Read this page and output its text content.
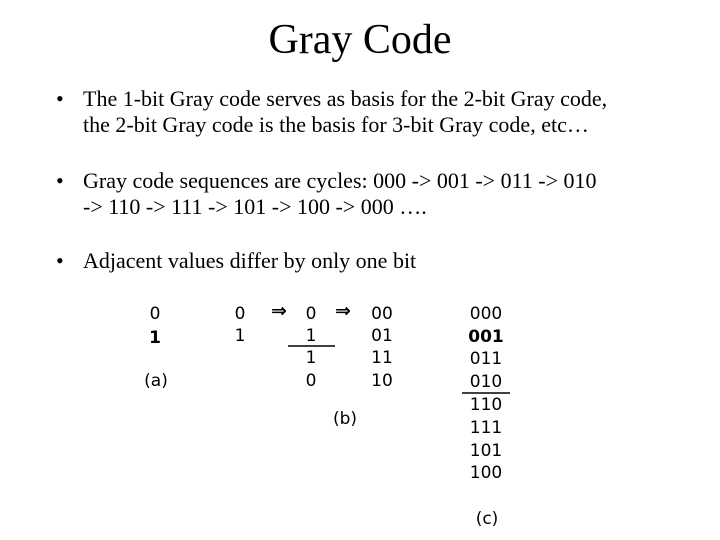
Gray Code
• The 1-bit Gray code serves as basis for the 2-bit Gray code,
the 2-bit Gray code is the basis for 3-bit Gray code, etc…
• Gray code sequences are cycles: 000 -> 001 -> 011 -> 010
-> 110 -> 111 -> 101 -> 100 -> 000 ….
• Adjacent values differ by only one bit
0
1
(a)
0
1
⇒ 0
1
1
0
⇒ 00
01
11
10
(b)
000
001
011
010
110
111
101
100
(c)
